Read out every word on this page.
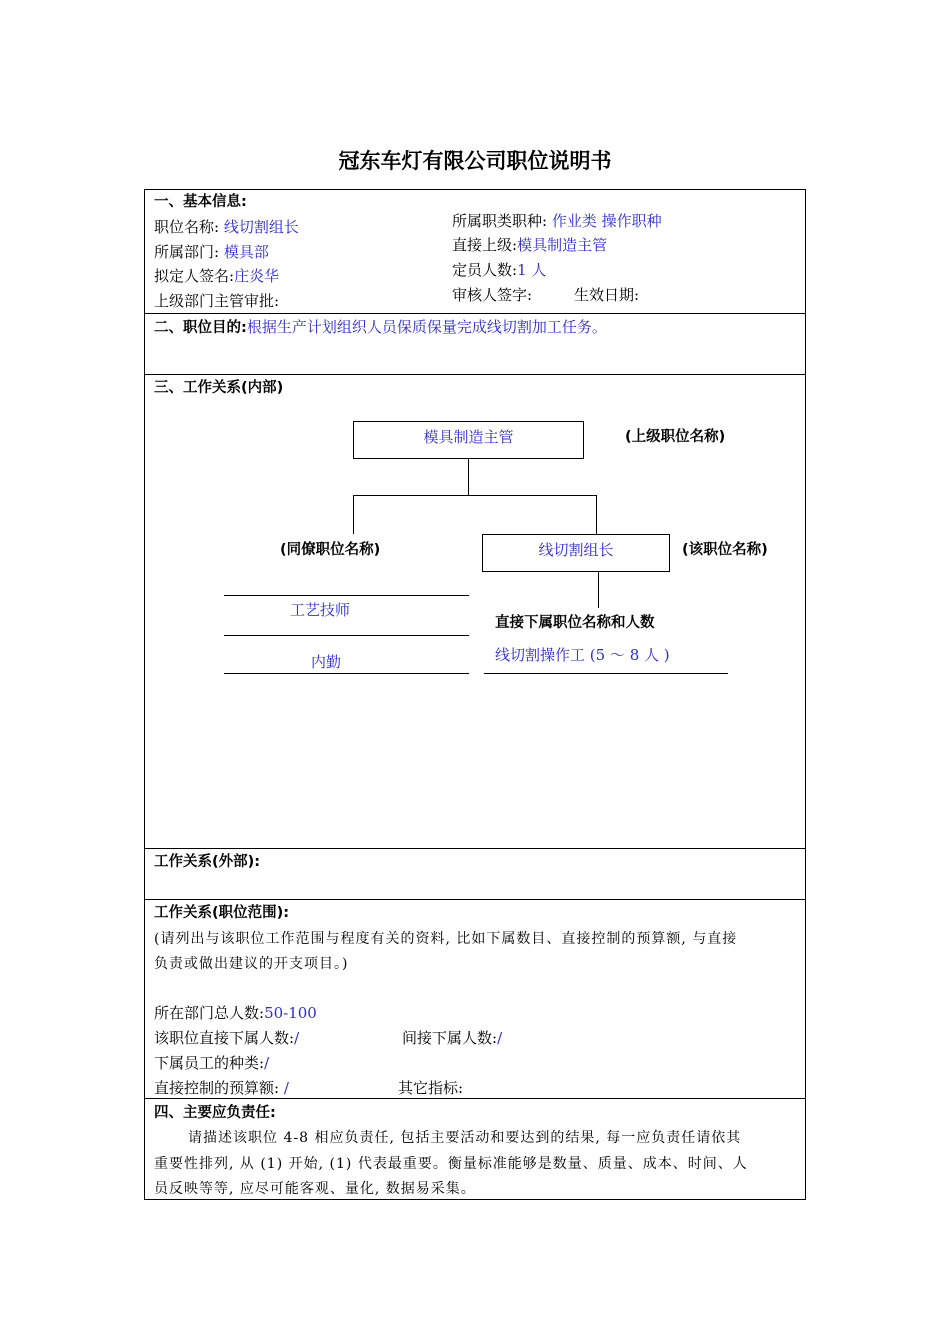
冠东车灯有限公司职位说明书
一、基本信息:
职位名称: 线切割组长
所属部门: 模具部
拟定人签名:庄炎华
上级部门主管审批:
所属职类职种: 作业类 操作职种
直接上级:模具制造主管
定员人数:1 人
审核人签字:	生效日期:
二、职位目的:根据生产计划组织人员保质保量完成线切割加工任务。
三、工作关系(内部)
模具制造主管	(上级职位名称)
(同僚职位名称)	线切割组长	(该职位名称)
工艺技师
内勤
直接下属职位名称和人数
线切割操作工 (5 ～ 8 人 )
工作关系(外部):
工作关系(职位范围):
(请列出与该职位工作范围与程度有关的资料, 比如下属数目、直接控制的预算额, 与直接
负责或做出建议的开支项目。)
所在部门总人数:50-100
该职位直接下属人数:/	间接下属人数:/
下属员工的种类:/
直接控制的预算额: /	其它指标:
四、主要应负责任:
请描述该职位 4-8 相应负责任, 包括主要活动和要达到的结果, 每一应负责任请依其
重要性排列, 从 (1) 开始, (1) 代表最重要。衡量标准能够是数量、质量、成本、时间、人
员反映等等, 应尽可能客观、量化, 数据易采集。
